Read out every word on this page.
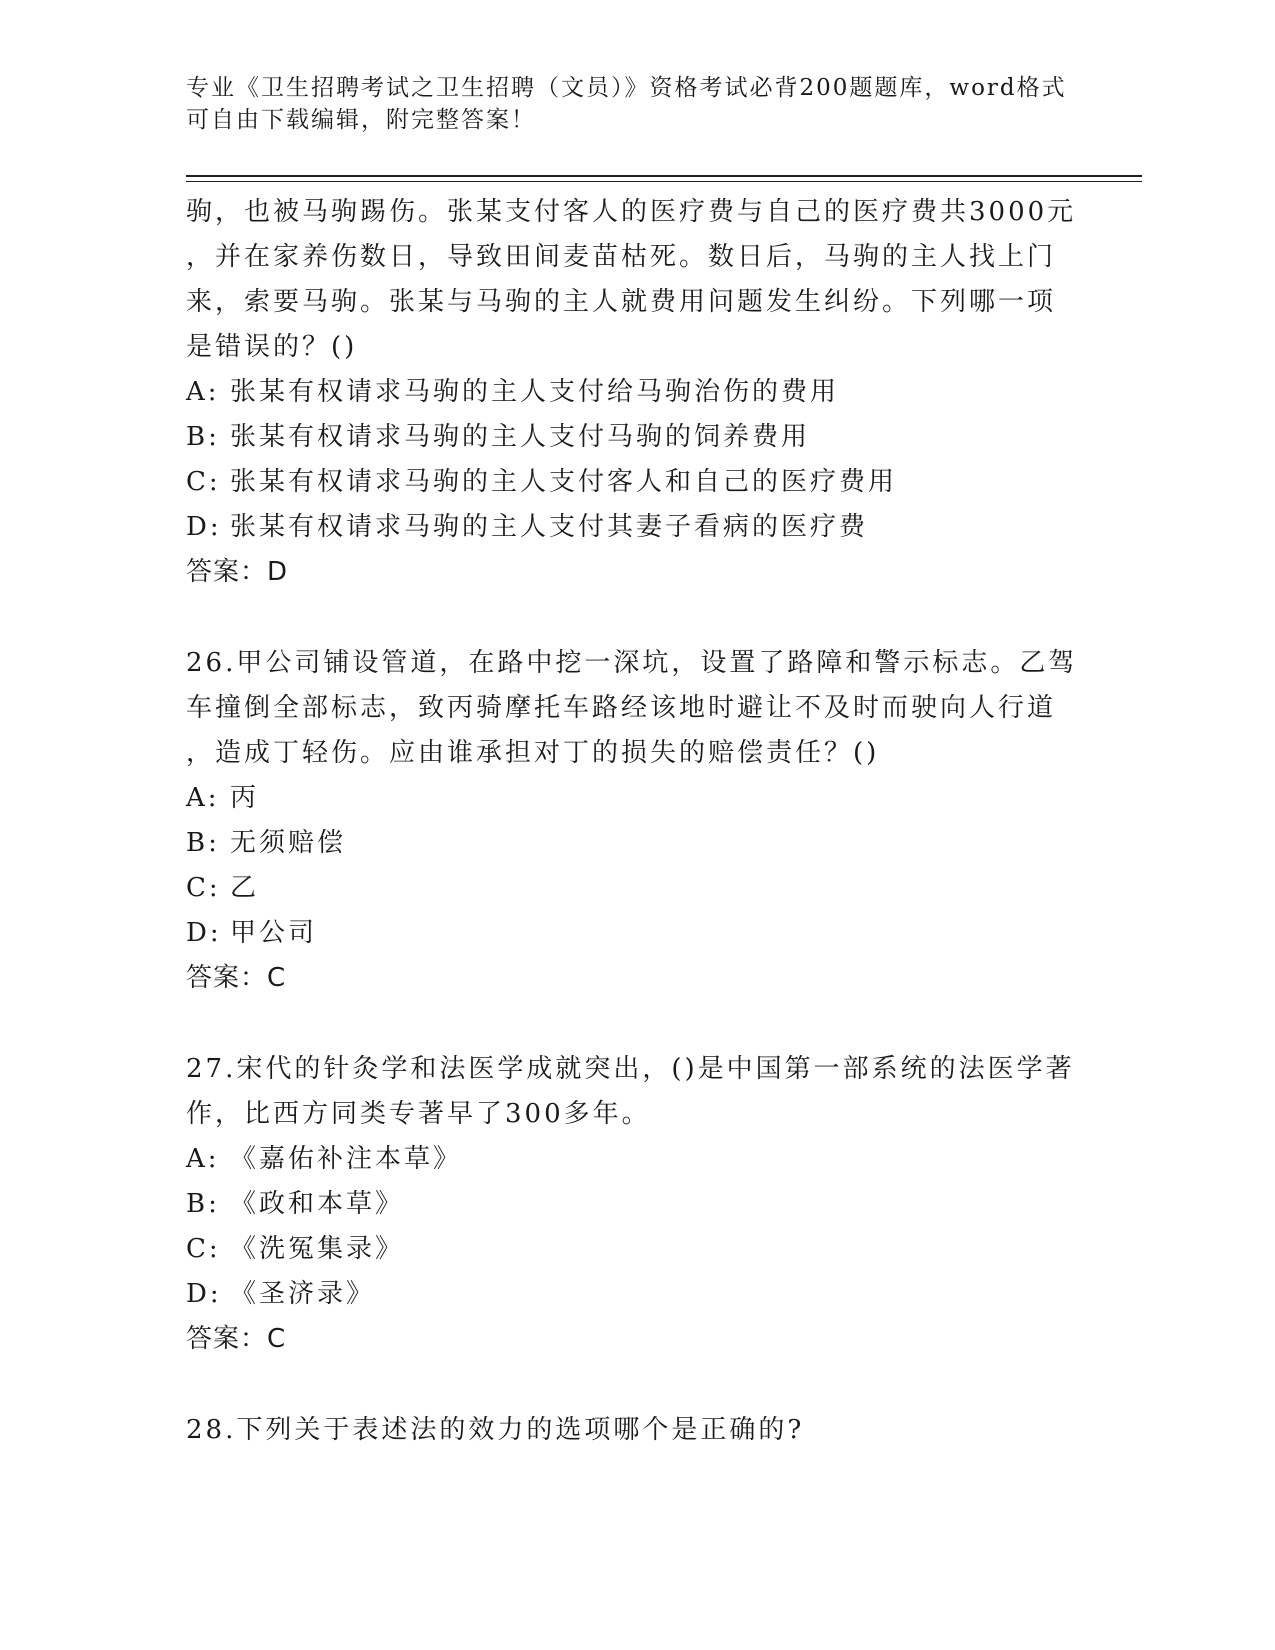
专业《卫生招聘考试之卫生招聘（文员）》资格考试必背200题题库，word格式
可自由下载编辑，附完整答案！
驹，也被马驹踢伤。张某支付客人的医疗费与自己的医疗费共3000元
，并在家养伤数日，导致田间麦苗枯死。数日后，马驹的主人找上门
来，索要马驹。张某与马驹的主人就费用问题发生纠纷。下列哪一项
是错误的？()
A: 张某有权请求马驹的主人支付给马驹治伤的费用
B: 张某有权请求马驹的主人支付马驹的饲养费用
C: 张某有权请求马驹的主人支付客人和自己的医疗费用
D: 张某有权请求马驹的主人支付其妻子看病的医疗费
答案：D
26.甲公司铺设管道，在路中挖一深坑，设置了路障和警示标志。乙驾
车撞倒全部标志，致丙骑摩托车路经该地时避让不及时而驶向人行道
，造成丁轻伤。应由谁承担对丁的损失的赔偿责任？()
A: 丙
B: 无须赔偿
C: 乙
D: 甲公司
答案：C
27.宋代的针灸学和法医学成就突出，()是中国第一部系统的法医学著
作，比西方同类专著早了300多年。
A: 《嘉佑补注本草》
B: 《政和本草》
C: 《洗冤集录》
D: 《圣济录》
答案：C
28.下列关于表述法的效力的选项哪个是正确的?
